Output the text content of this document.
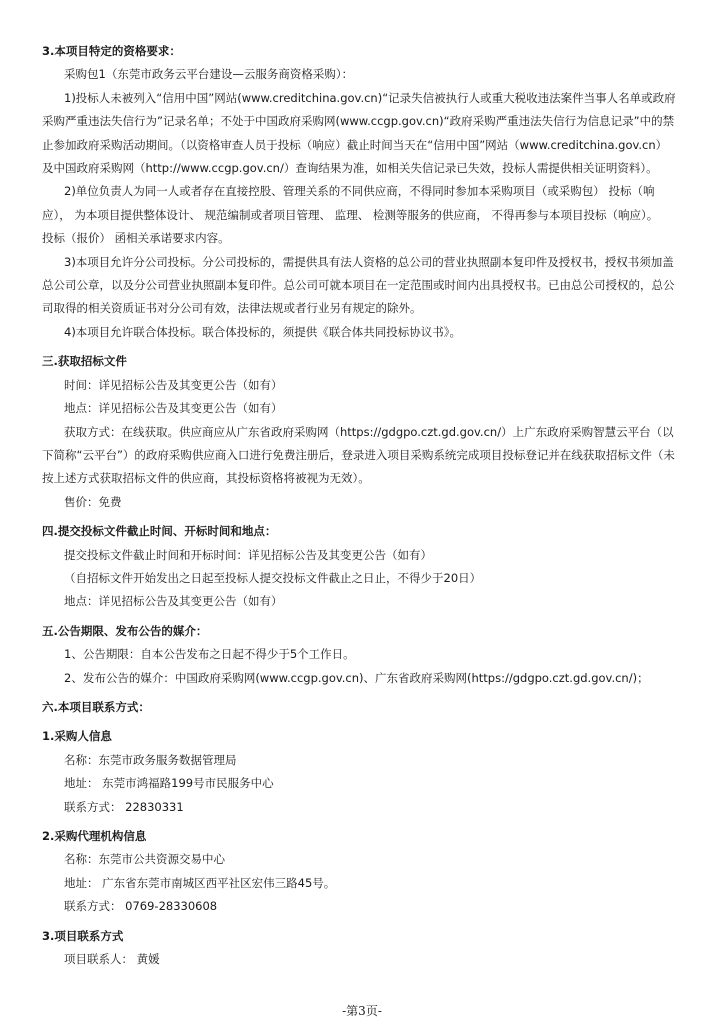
3.本项目特定的资格要求：
采购包1（东莞市政务云平台建设—云服务商资格采购）：
1)投标人未被列入“信用中国”网站(www.creditchina.gov.cn)“记录失信被执行人或重大税收违法案件当事人名单或政府
采购严重违法失信行为”记录名单；不处于中国政府采购网(www.ccgp.gov.cn)“政府采购严重违法失信行为信息记录”中的禁
止参加政府采购活动期间。（以资格审查人员于投标（响应）截止时间当天在“信用中国”网站（www.creditchina.gov.cn）
及中国政府采购网（http://www.ccgp.gov.cn/）查询结果为准，如相关失信记录已失效，投标人需提供相关证明资料）。
2)单位负责人为同一人或者存在直接控股、管理关系的不同供应商，不得同时参加本采购项目（或采购包） 投标（响
应）， 为本项目提供整体设计、 规范编制或者项目管理、 监理、 检测等服务的供应商， 不得再参与本项目投标（响应）。
投标（报价） 函相关承诺要求内容。
3)本项目允许分公司投标。分公司投标的，需提供具有法人资格的总公司的营业执照副本复印件及授权书，授权书须加盖
总公司公章，以及分公司营业执照副本复印件。总公司可就本项目在一定范围或时间内出具授权书。已由总公司授权的，总公
司取得的相关资质证书对分公司有效，法律法规或者行业另有规定的除外。
4)本项目允许联合体投标。联合体投标的，须提供《联合体共同投标协议书》。
三.获取招标文件
时间：详见招标公告及其变更公告（如有）
地点：详见招标公告及其变更公告（如有）
获取方式：在线获取。供应商应从广东省政府采购网（https://gdgpo.czt.gd.gov.cn/）上广东政府采购智慧云平台（以
下简称“云平台”）的政府采购供应商入口进行免费注册后，登录进入项目采购系统完成项目投标登记并在线获取招标文件（未
按上述方式获取招标文件的供应商，其投标资格将被视为无效）。
售价：免费
四.提交投标文件截止时间、开标时间和地点：
提交投标文件截止时间和开标时间：详见招标公告及其变更公告（如有）
（自招标文件开始发出之日起至投标人提交投标文件截止之日止，不得少于20日）
地点：详见招标公告及其变更公告（如有）
五.公告期限、发布公告的媒介：
1、公告期限：自本公告发布之日起不得少于5个工作日。
2、发布公告的媒介：中国政府采购网(www.ccgp.gov.cn)、广东省政府采购网(https://gdgpo.czt.gd.gov.cn/)；
六.本项目联系方式：
1.采购人信息
名称：东莞市政务服务数据管理局
地址： 东莞市鸿福路199号市民服务中心
联系方式： 22830331
2.采购代理机构信息
名称：东莞市公共资源交易中心
地址： 广东省东莞市南城区西平社区宏伟三路45号。
联系方式： 0769-28330608
3.项目联系方式
项目联系人： 黄媛
-第3页-
